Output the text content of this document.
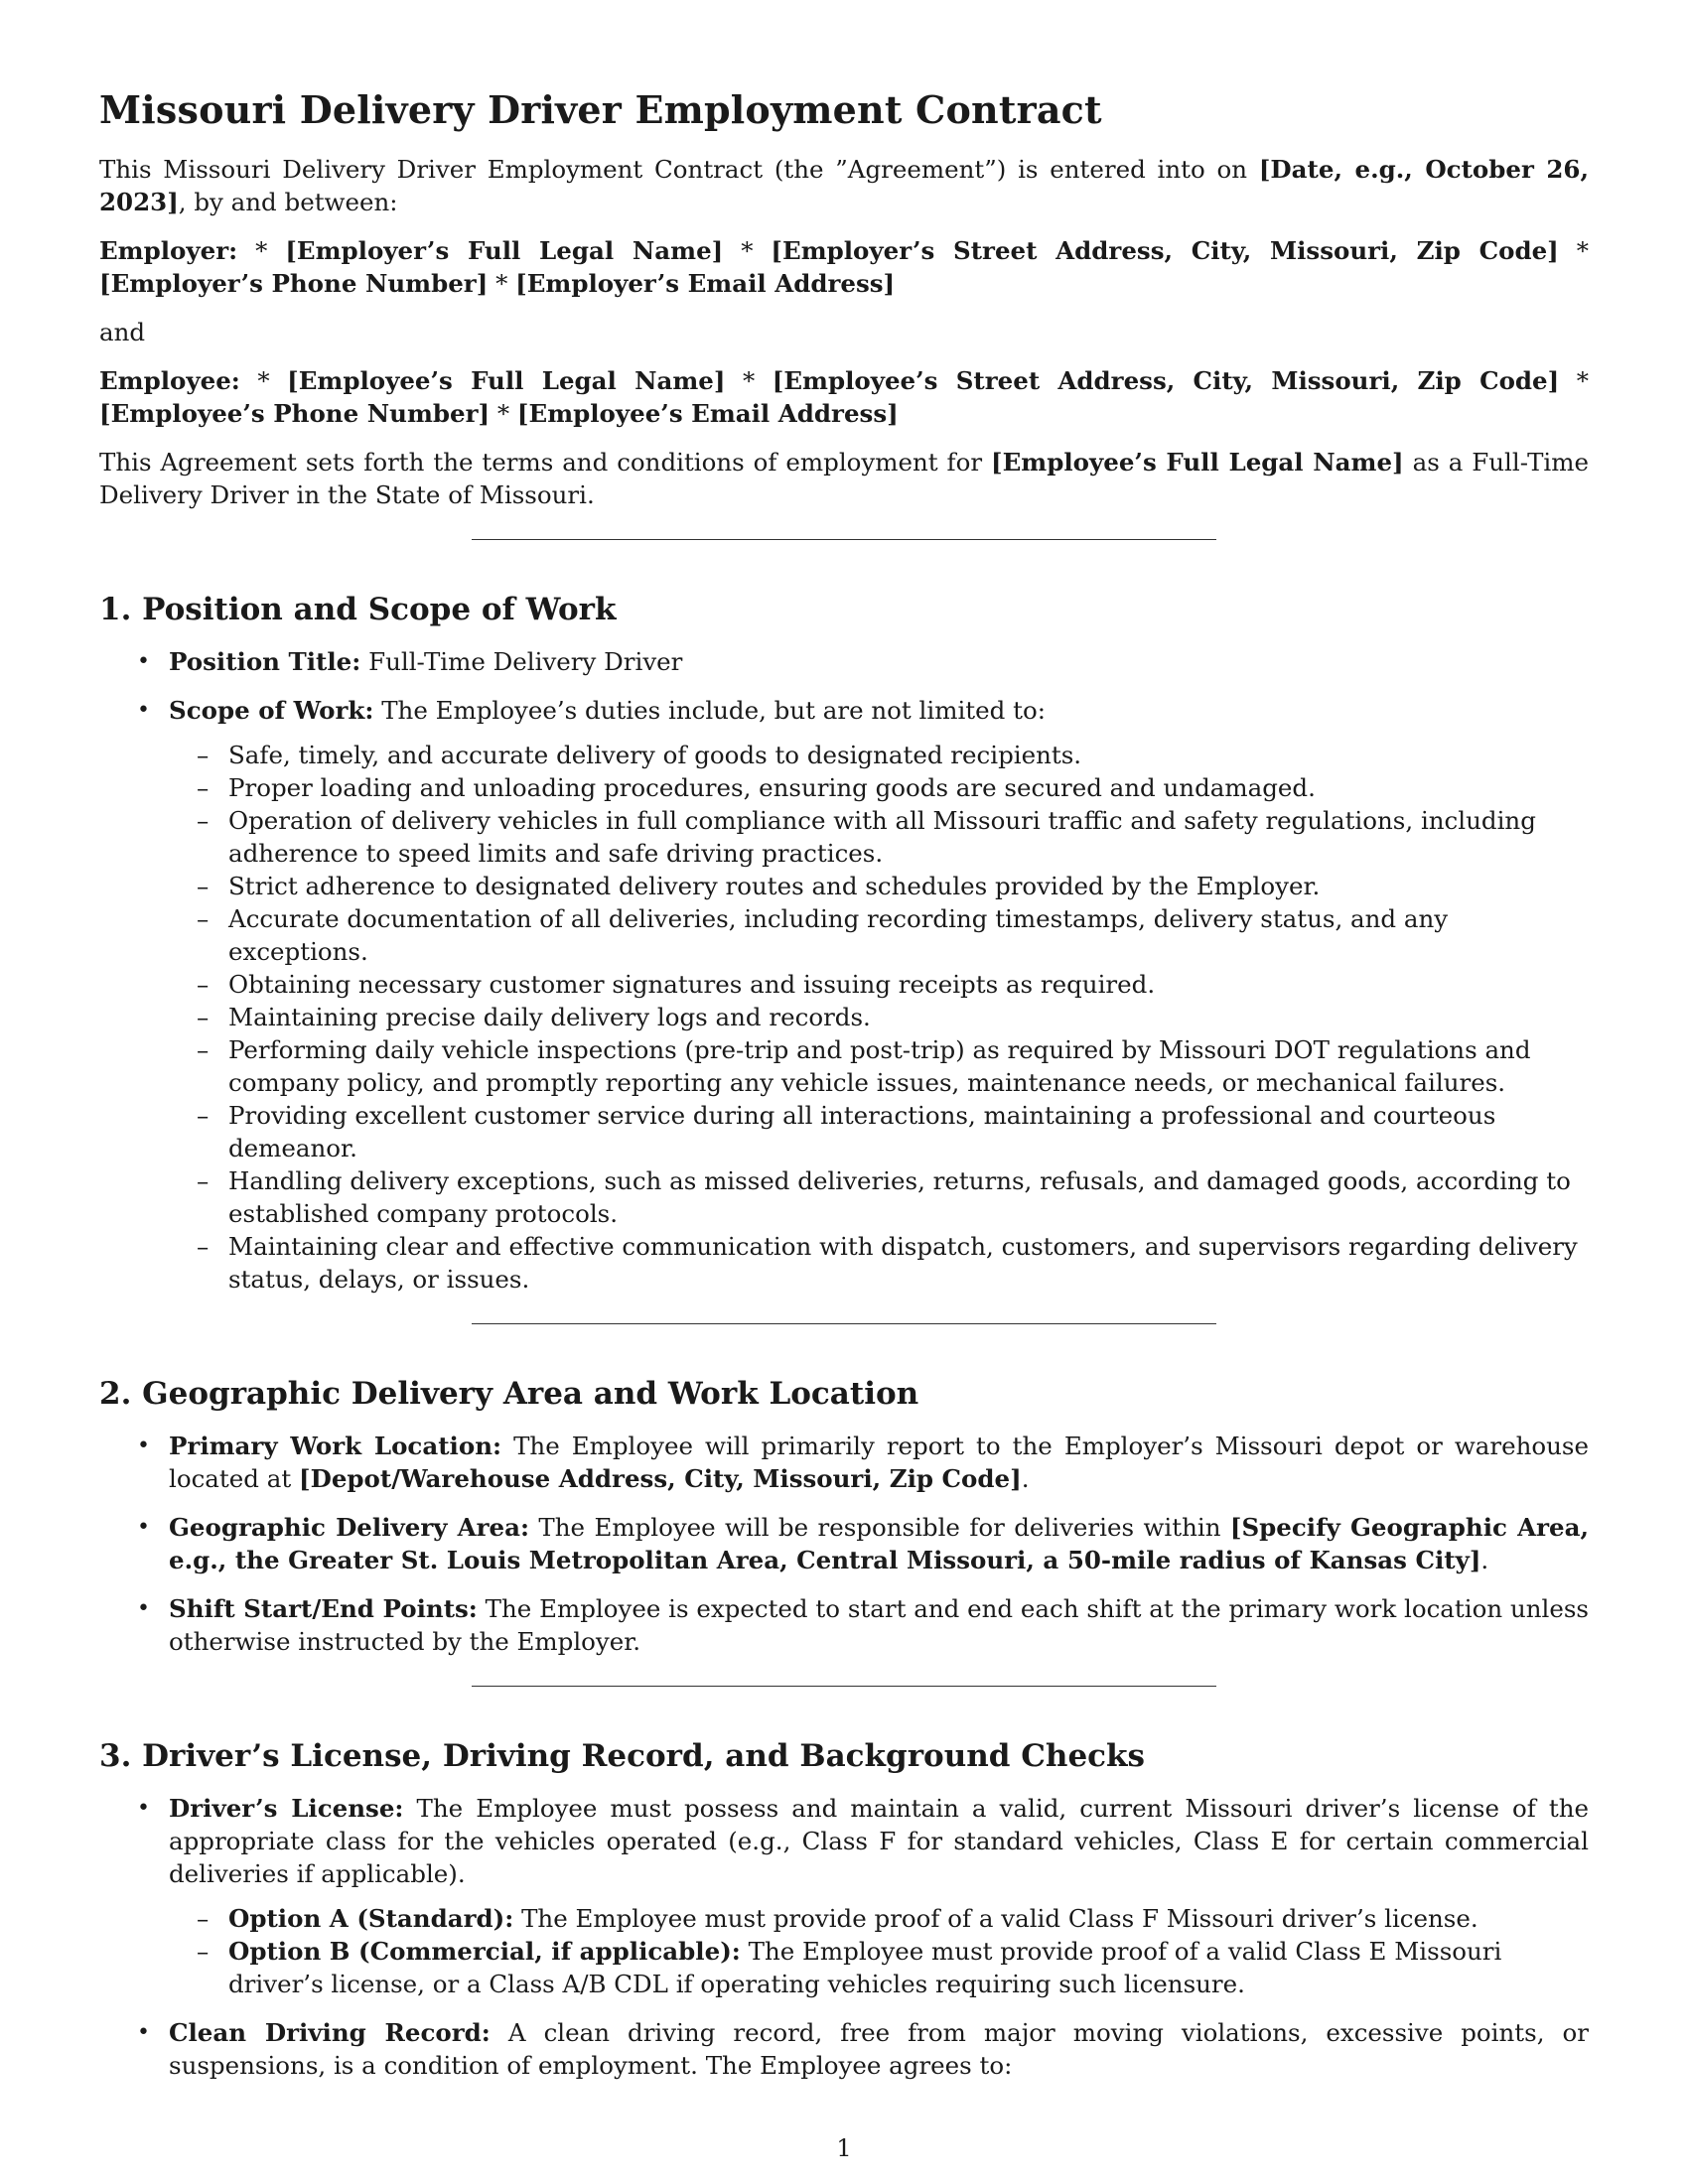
Missouri Delivery Driver Employment Contract

This Missouri Delivery Driver Employment Contract (the ”Agreement”) is entered into on [Date, e.g., October 26, 2023], by and between:

Employer: * [Employer’s Full Legal Name] * [Employer’s Street Address, City, Missouri, Zip Code] * [Employer’s Phone Number] * [Employer’s Email Address]

and

Employee: * [Employee’s Full Legal Name] * [Employee’s Street Address, City, Missouri, Zip Code] * [Employee’s Phone Number] * [Employee’s Email Address]

This Agreement sets forth the terms and conditions of employment for [Employee’s Full Legal Name] as a Full-Time Delivery Driver in the State of Missouri.

1. Position and Scope of Work
• Position Title: Full-Time Delivery Driver
• Scope of Work: The Employee’s duties include, but are not limited to:
– Safe, timely, and accurate delivery of goods to designated recipients.
– Proper loading and unloading procedures, ensuring goods are secured and undamaged.
– Operation of delivery vehicles in full compliance with all Missouri traffic and safety regulations, including adherence to speed limits and safe driving practices.
– Strict adherence to designated delivery routes and schedules provided by the Employer.
– Accurate documentation of all deliveries, including recording timestamps, delivery status, and any exceptions.
– Obtaining necessary customer signatures and issuing receipts as required.
– Maintaining precise daily delivery logs and records.
– Performing daily vehicle inspections (pre-trip and post-trip) as required by Missouri DOT regulations and company policy, and promptly reporting any vehicle issues, maintenance needs, or mechanical failures.
– Providing excellent customer service during all interactions, maintaining a professional and courteous demeanor.
– Handling delivery exceptions, such as missed deliveries, returns, refusals, and damaged goods, according to established company protocols.
– Maintaining clear and effective communication with dispatch, customers, and supervisors regarding delivery status, delays, or issues.
2. Geographic Delivery Area and Work Location
• Primary Work Location: The Employee will primarily report to the Employer’s Missouri depot or warehouse located at [Depot/Warehouse Address, City, Missouri, Zip Code].
• Geographic Delivery Area: The Employee will be responsible for deliveries within [Specify Geographic Area, e.g., the Greater St. Louis Metropolitan Area, Central Missouri, a 50-mile radius of Kansas City].
• Shift Start/End Points: The Employee is expected to start and end each shift at the primary work location unless otherwise instructed by the Employer.
3. Driver’s License, Driving Record, and Background Checks
• Driver’s License: The Employee must possess and maintain a valid, current Missouri driver’s license of the appropriate class for the vehicles operated (e.g., Class F for standard vehicles, Class E for certain commercial deliveries if applicable).
– Option A (Standard): The Employee must provide proof of a valid Class F Missouri driver’s license.
– Option B (Commercial, if applicable): The Employee must provide proof of a valid Class E Missouri driver’s license, or a Class A/B CDL if operating vehicles requiring such licensure.
• Clean Driving Record: A clean driving record, free from major moving violations, excessive points, or suspensions, is a condition of employment. The Employee agrees to:
1
